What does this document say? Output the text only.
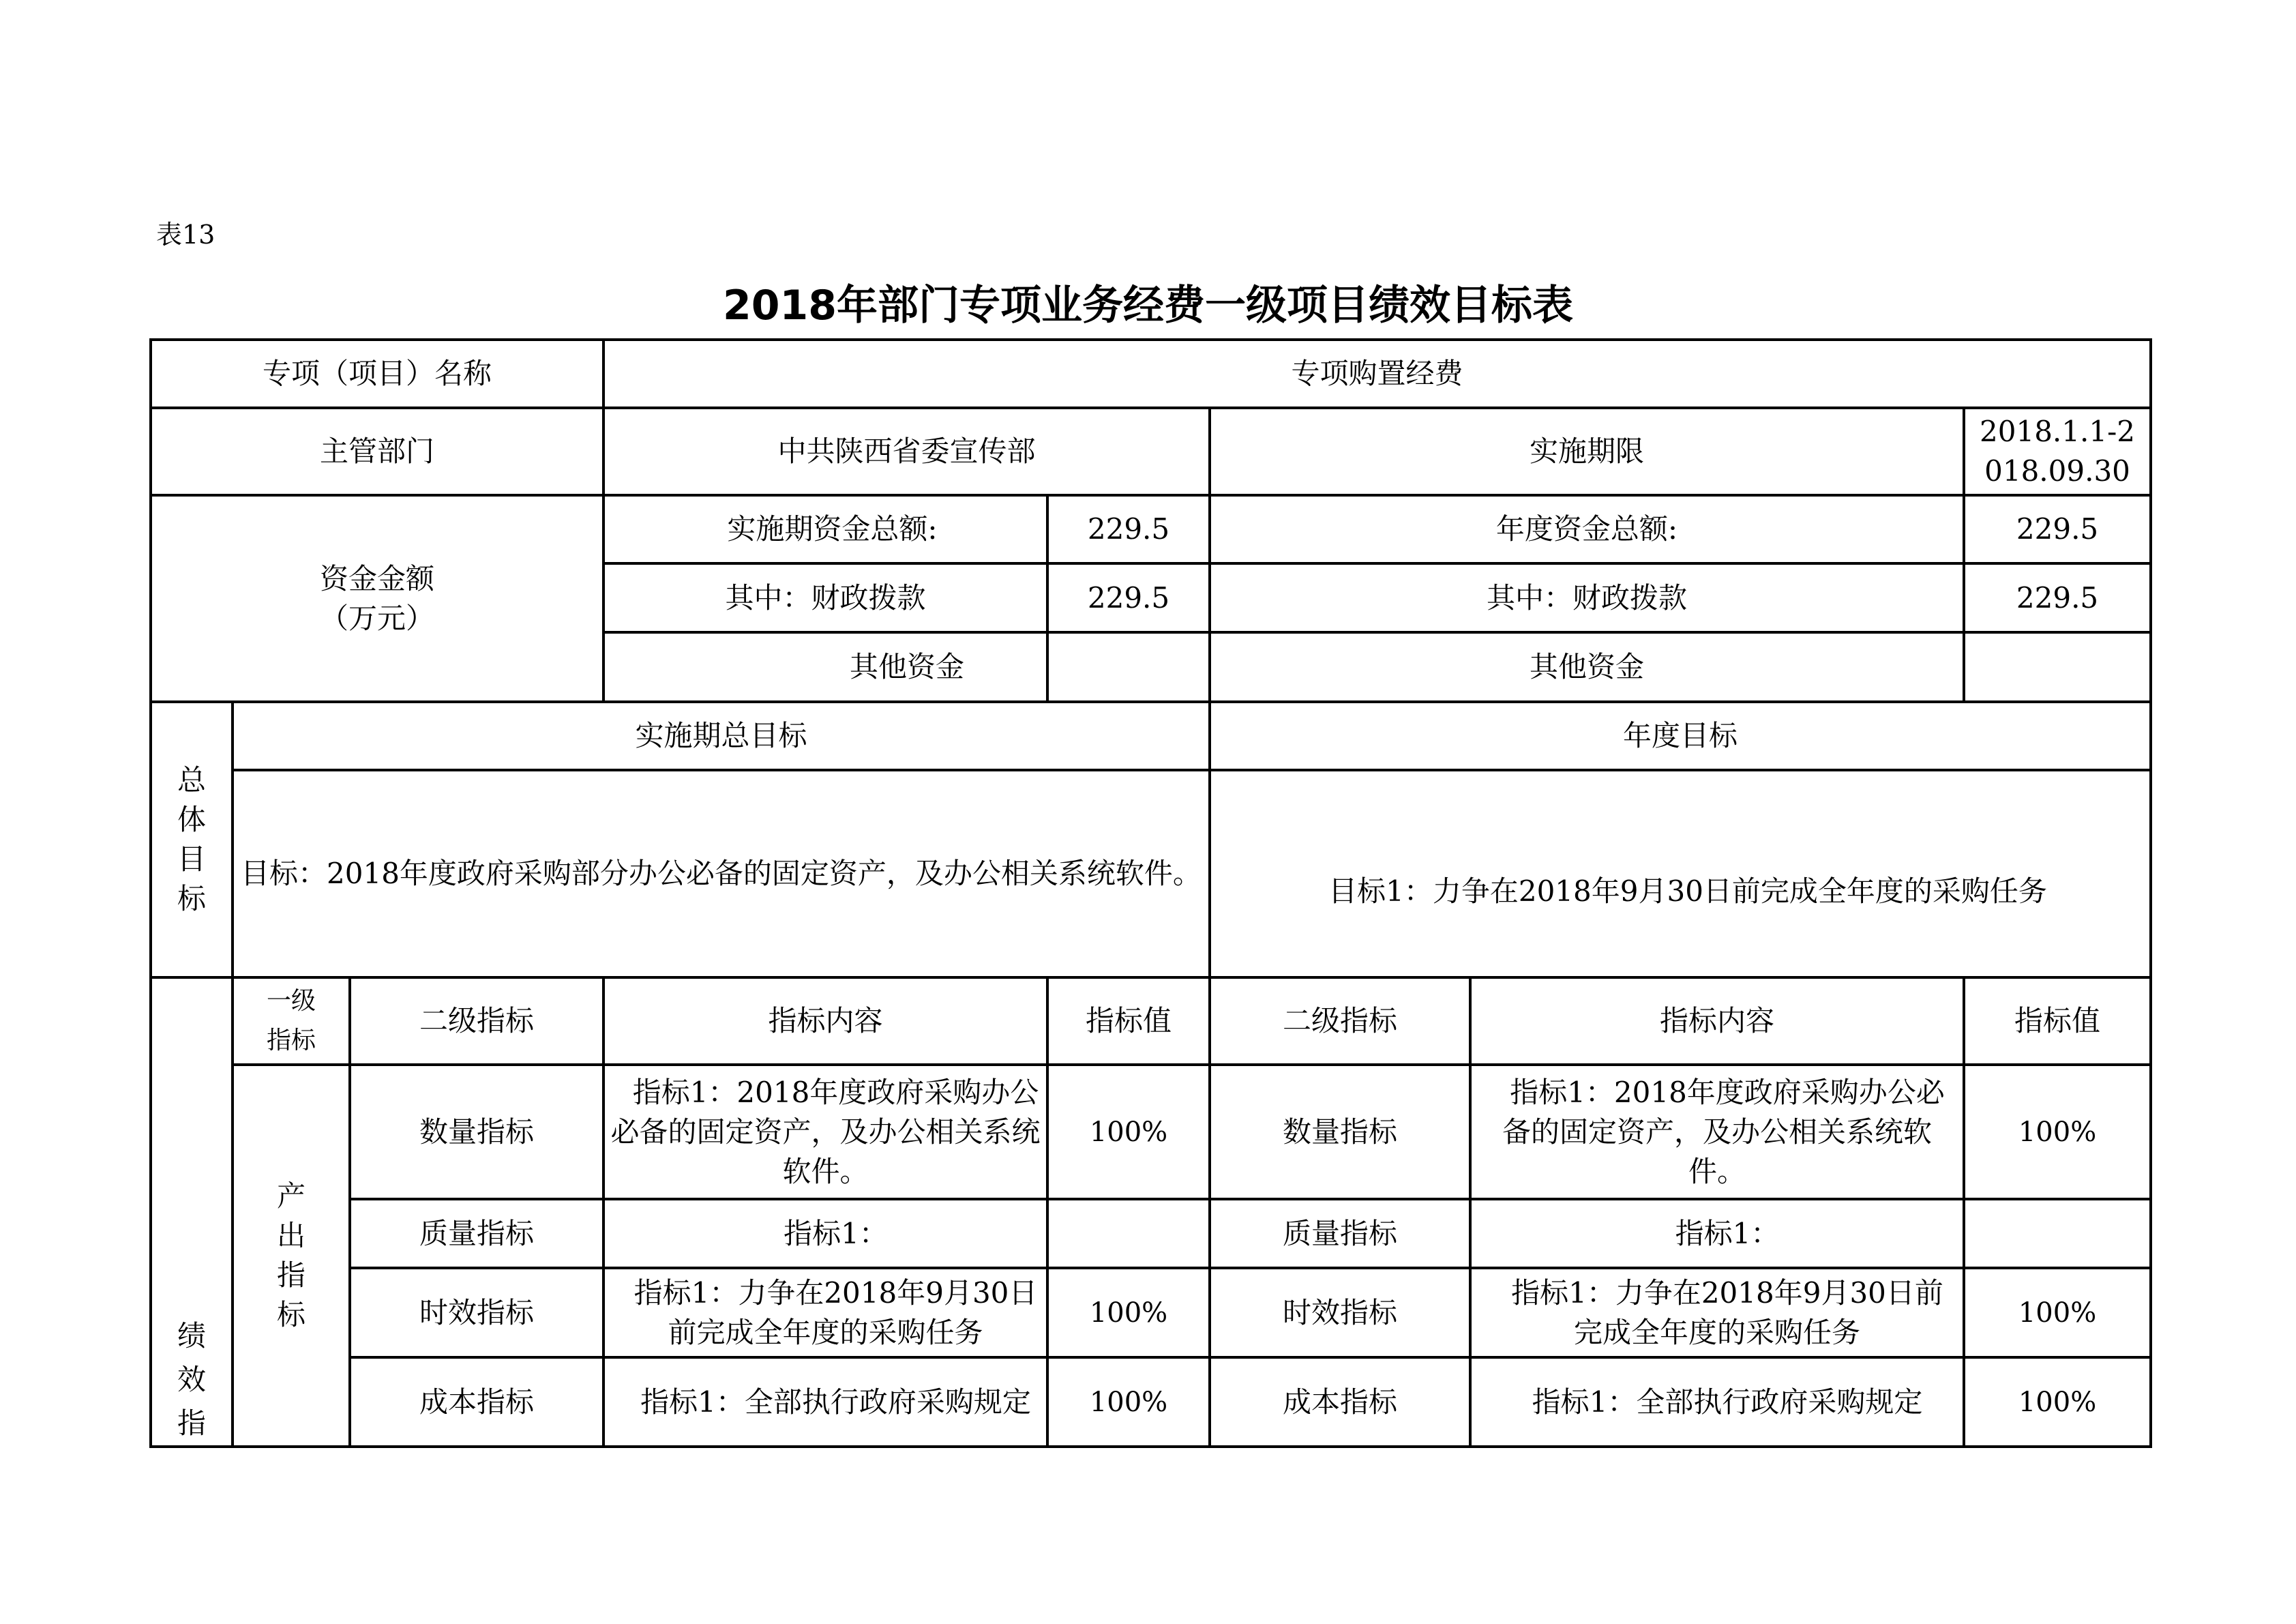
表13
2018年部门专项业务经费一级项目绩效目标表
专项（项目）名称			专项购置经费				
主管部门			中共陕西省委宣传部		实施期限		2018.1.1-2018.09.30

资金金额
（万元）			实施期资金总额:	229.5	年度资金总额:		229.5
			其中：财政拨款	229.5	其中：财政拨款		229.5
			其他资金		其他资金		

总体目标	实施期总目标				年度目标		
	目标：2018年度政府采购部分办公必备的固定资产，及办公相关系统软件。				目标1：力争在2018年9月30日前完成全年度的采购任务		

绩效指	一级指标	二级指标	指标内容	指标值	二级指标	指标内容	指标值

	产出指标	数量指标	指标1：2018年度政府采购办公必备的固定资产，及办公相关系统软件。	100%	数量指标	指标1：2018年度政府采购办公必备的固定资产，及办公相关系统软件。	100%
		质量指标	指标1：		质量指标	指标1：	
		时效指标	指标1：力争在2018年9月30日前完成全年度的采购任务	100%	时效指标	指标1：力争在2018年9月30日前完成全年度的采购任务	100%
		成本指标	指标1：全部执行政府采购规定	100%	成本指标	指标1：全部执行政府采购规定	100%
